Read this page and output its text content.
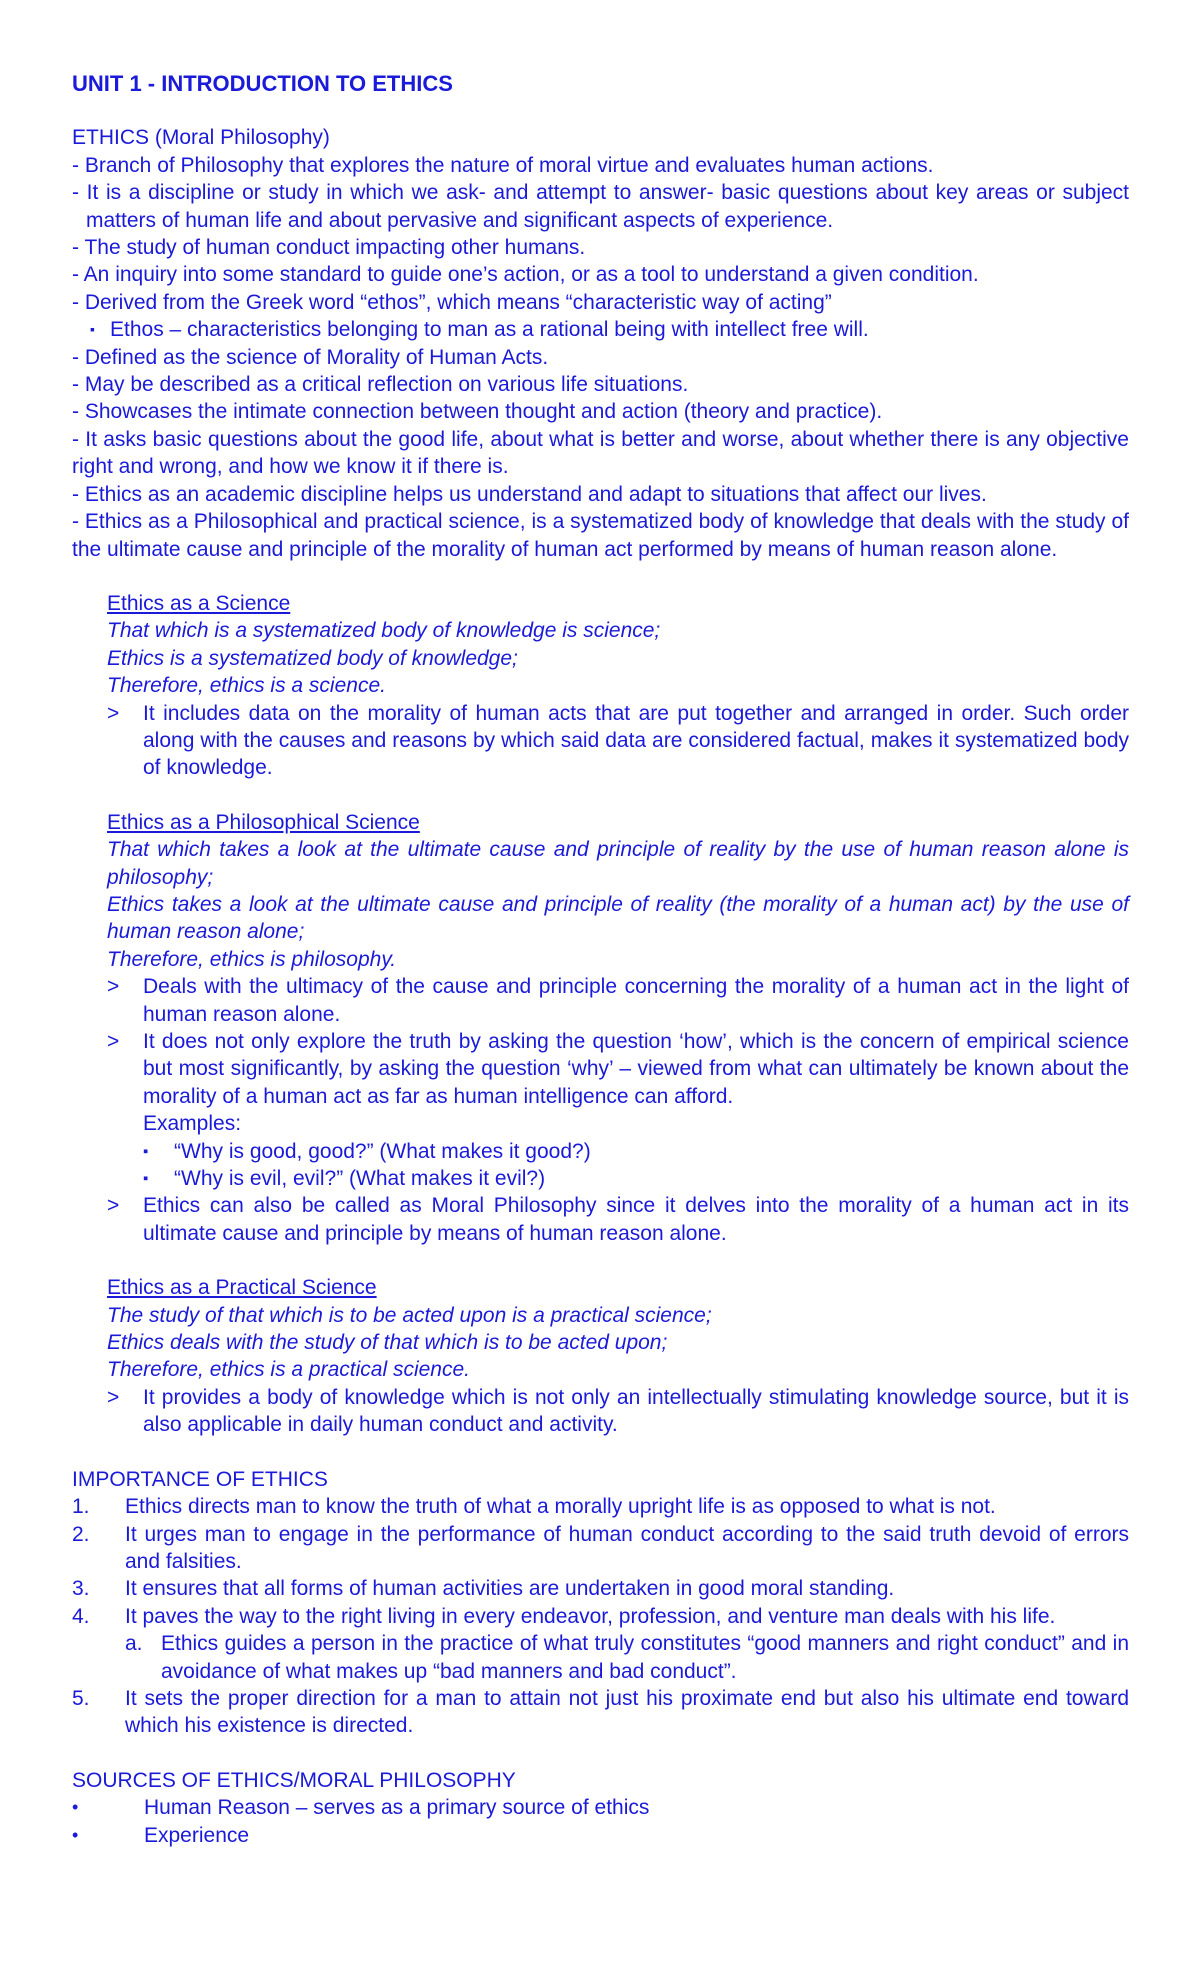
UNIT 1 - INTRODUCTION TO ETHICS

ETHICS (Moral Philosophy)

- Branch of Philosophy that explores the nature of moral virtue and evaluates human actions.

- It is a discipline or study in which we ask- and attempt to answer- basic questions about key areas or subject matters of human life and about pervasive and significant aspects of experience.

- The study of human conduct impacting other humans.

- An inquiry into some standard to guide one’s action, or as a tool to understand a given condition.

- Derived from the Greek word “ethos”, which means “characteristic way of acting”

▪ Ethos – characteristics belonging to man as a rational being with intellect free will.

- Defined as the science of Morality of Human Acts.

- May be described as a critical reflection on various life situations.

- Showcases the intimate connection between thought and action (theory and practice).

- It asks basic questions about the good life, about what is better and worse, about whether there is any objective right and wrong, and how we know it if there is.

- Ethics as an academic discipline helps us understand and adapt to situations that affect our lives.

- Ethics as a Philosophical and practical science, is a systematized body of knowledge that deals with the study of the ultimate cause and principle of the morality of human act performed by means of human reason alone.

Ethics as a Science

That which is a systematized body of knowledge is science;

Ethics is a systematized body of knowledge;

Therefore, ethics is a science.

> It includes data on the morality of human acts that are put together and arranged in order. Such order along with the causes and reasons by which said data are considered factual, makes it systematized body of knowledge.

Ethics as a Philosophical Science

That which takes a look at the ultimate cause and principle of reality by the use of human reason alone is philosophy;

Ethics takes a look at the ultimate cause and principle of reality (the morality of a human act) by the use of human reason alone;

Therefore, ethics is philosophy.

> Deals with the ultimacy of the cause and principle concerning the morality of a human act in the light of human reason alone.

> It does not only explore the truth by asking the question ‘how’, which is the concern of empirical science but most significantly, by asking the question ‘why’ – viewed from what can ultimately be known about the morality of a human act as far as human intelligence can afford.

Examples:

▪ “Why is good, good?” (What makes it good?)

▪ “Why is evil, evil?” (What makes it evil?)

> Ethics can also be called as Moral Philosophy since it delves into the morality of a human act in its ultimate cause and principle by means of human reason alone.

Ethics as a Practical Science

The study of that which is to be acted upon is a practical science;

Ethics deals with the study of that which is to be acted upon;

Therefore, ethics is a practical science.

> It provides a body of knowledge which is not only an intellectually stimulating knowledge source, but it is also applicable in daily human conduct and activity.

IMPORTANCE OF ETHICS

1. Ethics directs man to know the truth of what a morally upright life is as opposed to what is not.

2. It urges man to engage in the performance of human conduct according to the said truth devoid of errors and falsities.

3. It ensures that all forms of human activities are undertaken in good moral standing.

4. It paves the way to the right living in every endeavor, profession, and venture man deals with his life.

a. Ethics guides a person in the practice of what truly constitutes “good manners and right conduct” and in avoidance of what makes up “bad manners and bad conduct”.

5. It sets the proper direction for a man to attain not just his proximate end but also his ultimate end toward which his existence is directed.

SOURCES OF ETHICS/MORAL PHILOSOPHY

•	Human Reason – serves as a primary source of ethics

•	Experience
